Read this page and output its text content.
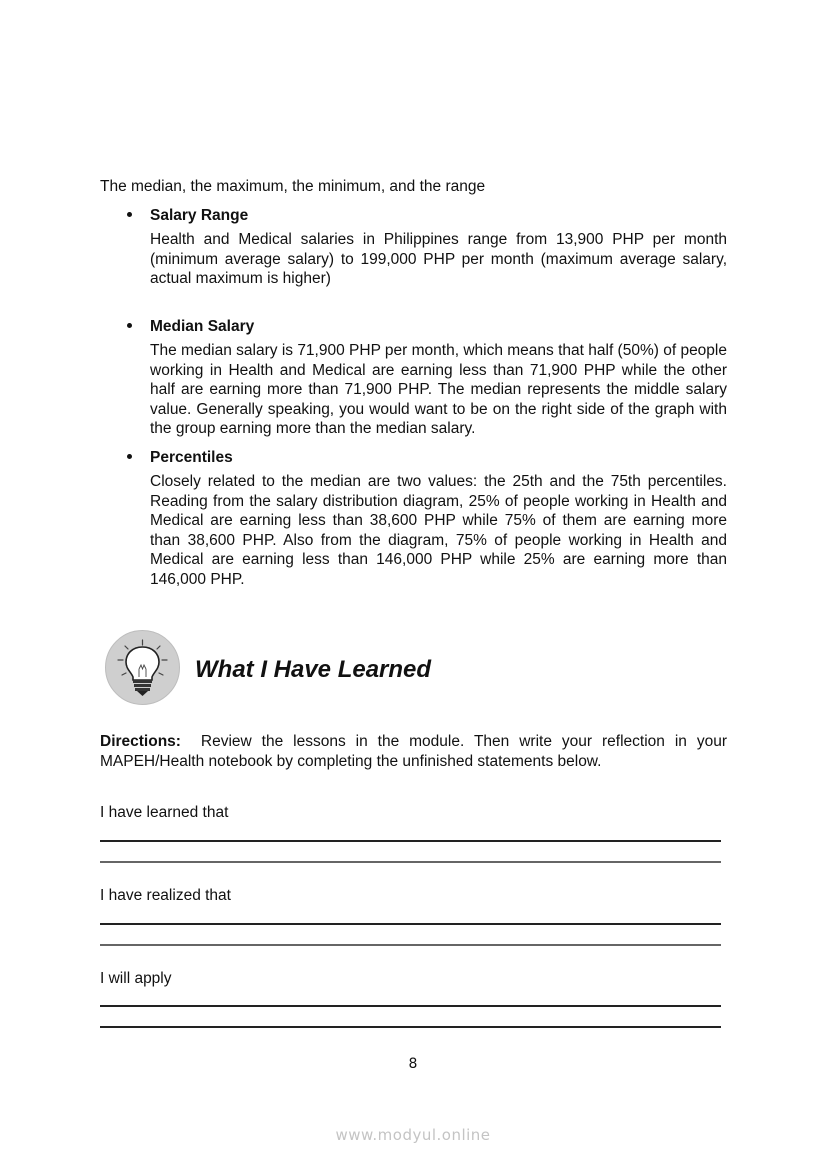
The median, the maximum, the minimum, and the range
Salary Range
Health and Medical salaries in Philippines range from 13,900 PHP per month (minimum average salary) to 199,000 PHP per month (maximum average salary, actual maximum is higher)
Median Salary
The median salary is 71,900 PHP per month, which means that half (50%) of people working in Health and Medical are earning less than 71,900 PHP while the other half are earning more than 71,900 PHP. The median represents the middle salary value. Generally speaking, you would want to be on the right side of the graph with the group earning more than the median salary.
Percentiles
Closely related to the median are two values: the 25th and the 75th percentiles. Reading from the salary distribution diagram, 25% of people working in Health and Medical are earning less than 38,600 PHP while 75% of them are earning more than 38,600 PHP. Also from the diagram, 75% of people working in Health and Medical are earning less than 146,000 PHP while 25% are earning more than 146,000 PHP.
What I Have Learned
Directions: Review the lessons in the module. Then write your reflection in your MAPEH/Health notebook by completing the unfinished statements below.
I have learned that
I have realized that
I will apply
8
www.modyul.online
